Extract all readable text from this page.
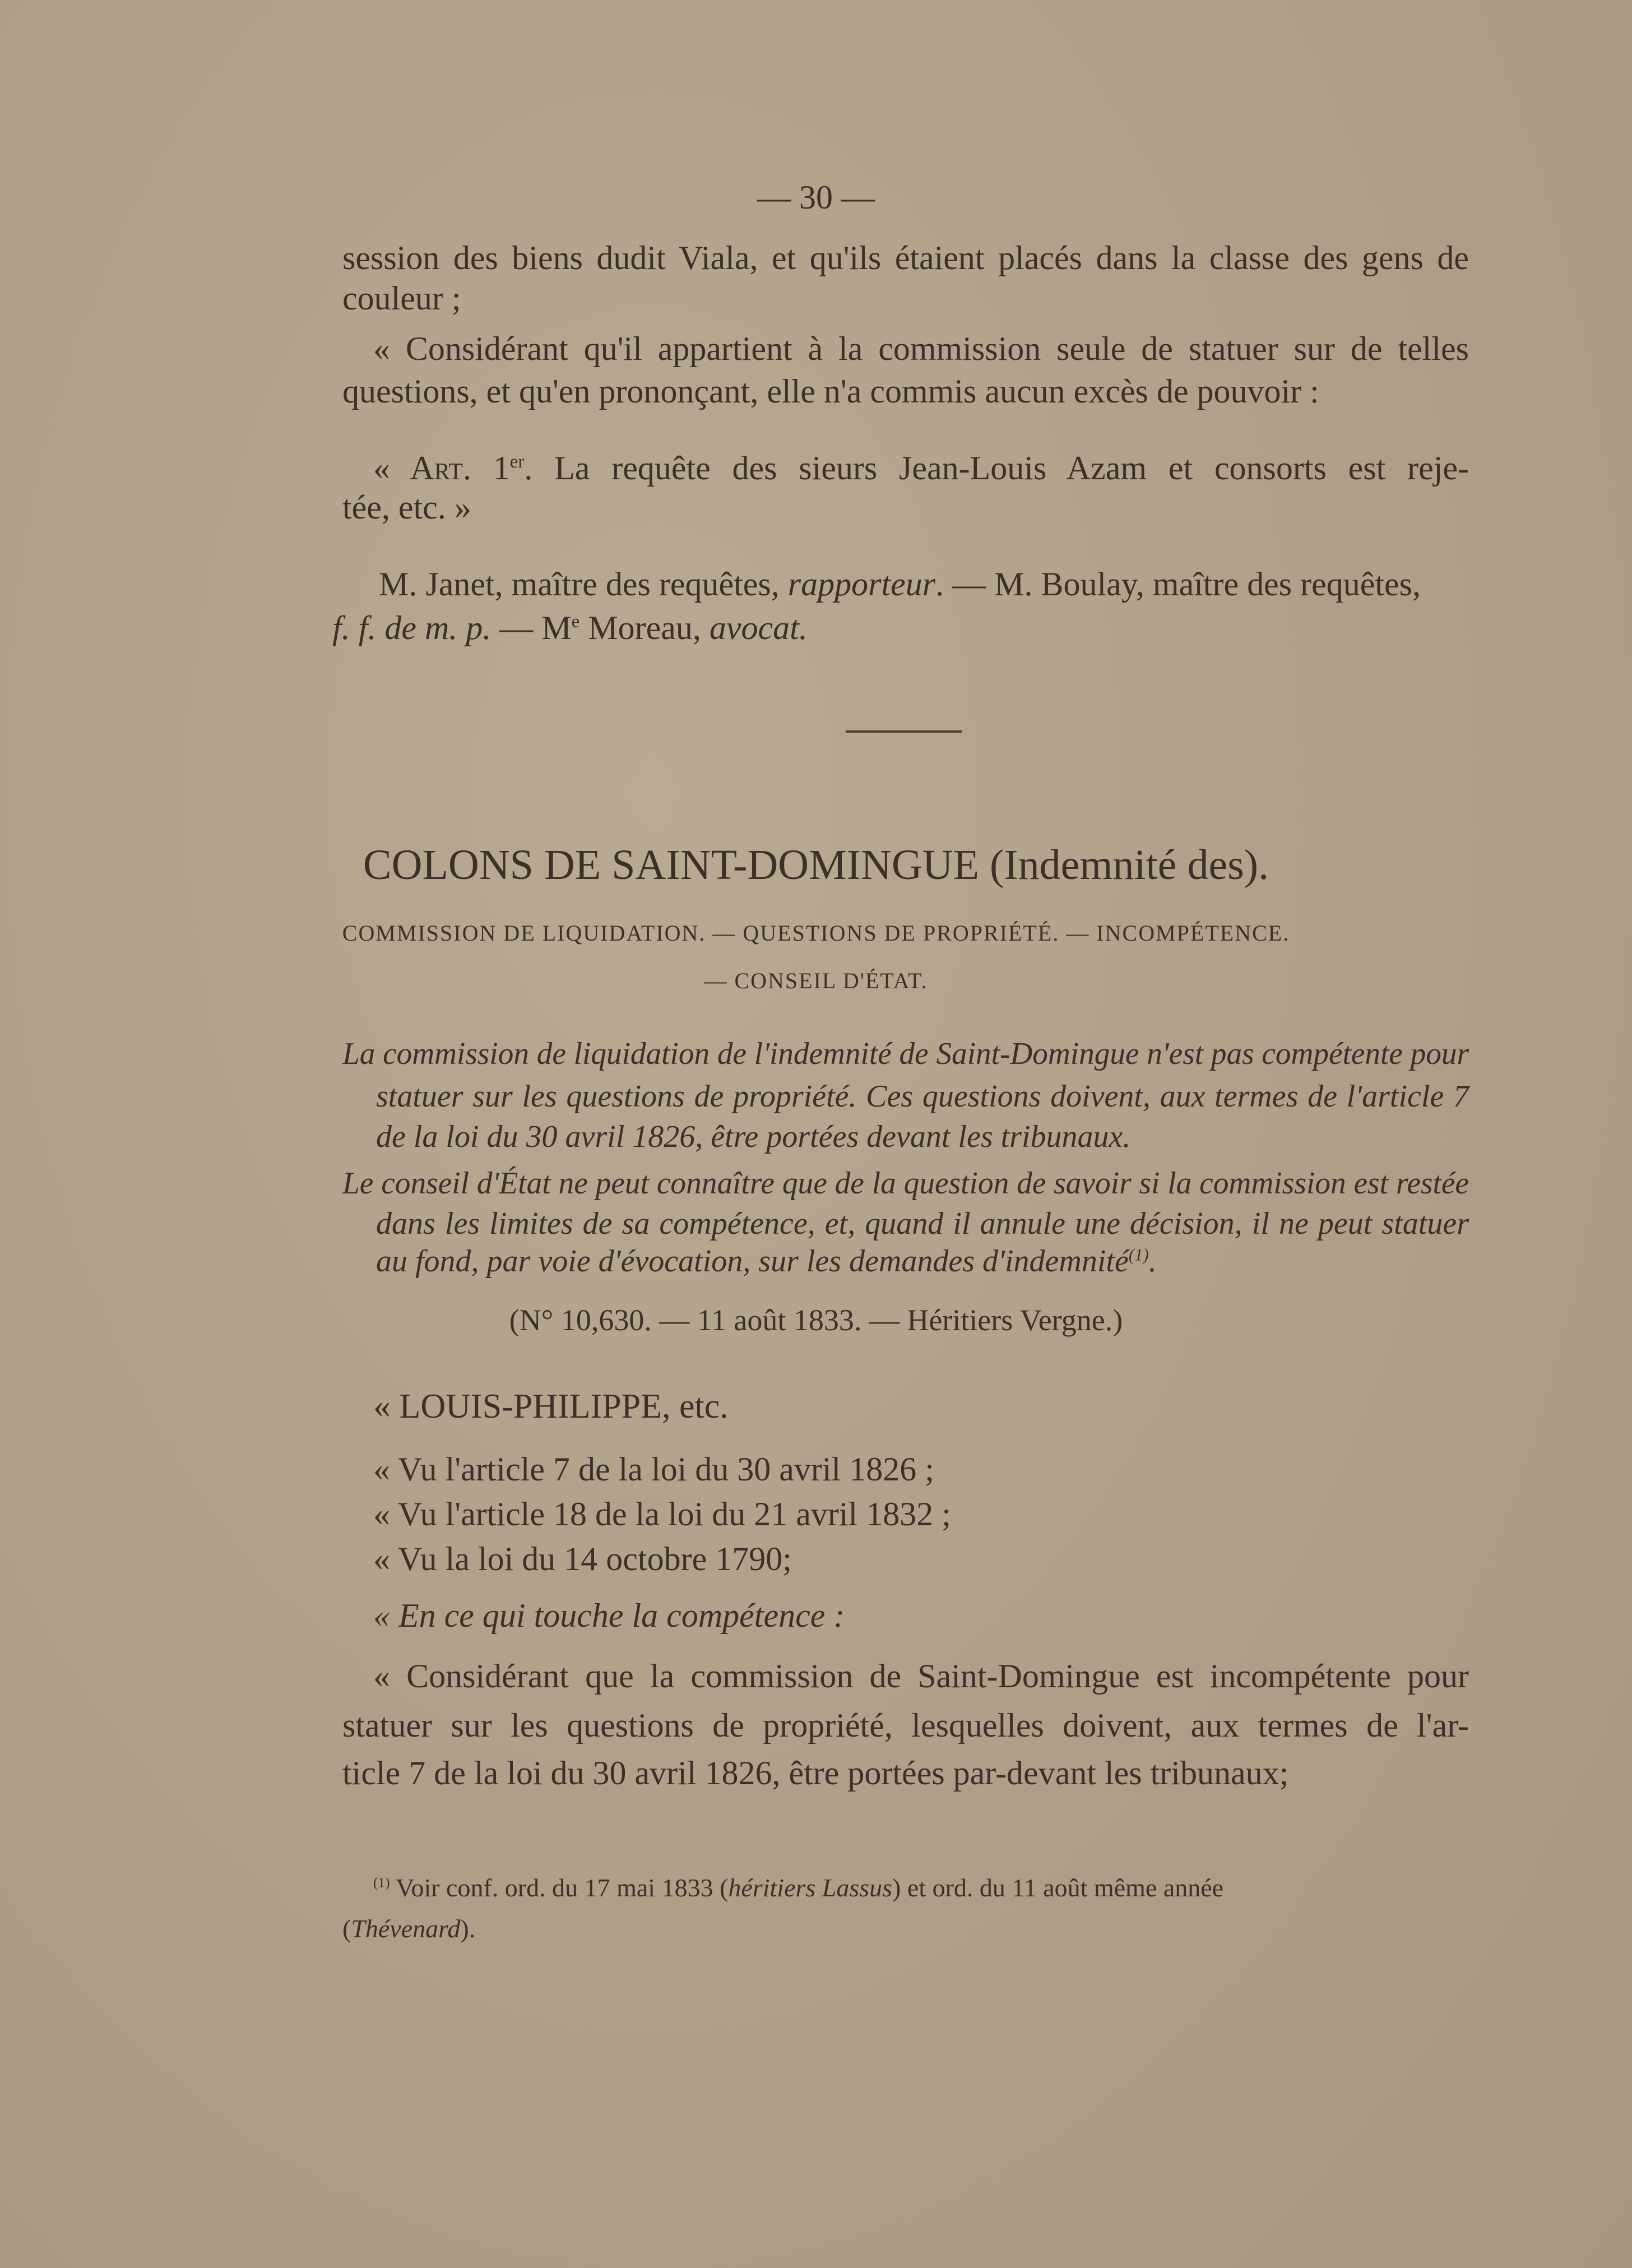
— 30 —
session des biens dudit Viala, et qu'ils étaient placés dans la classe des gens de
couleur ;
« Considérant qu'il appartient à la commission seule de statuer sur de telles
questions, et qu'en prononçant, elle n'a commis aucun excès de pouvoir :
« Art. 1er. La requête des sieurs Jean-Louis Azam et consorts est reje-
tée, etc. »
M. Janet, maître des requêtes, rapporteur. — M. Boulay, maître des requêtes,
f. f. de m. p. — Me Moreau, avocat.
COLONS DE SAINT-DOMINGUE (Indemnité des).
COMMISSION DE LIQUIDATION. — QUESTIONS DE PROPRIÉTÉ. — INCOMPÉTENCE.
— CONSEIL D'ÉTAT.
La commission de liquidation de l'indemnité de Saint-Domingue n'est pas compétente pour
statuer sur les questions de propriété. Ces questions doivent, aux termes de l'article 7
de la loi du 30 avril 1826, être portées devant les tribunaux.
Le conseil d'État ne peut connaître que de la question de savoir si la commission est restée
dans les limites de sa compétence, et, quand il annule une décision, il ne peut statuer
au fond, par voie d'évocation, sur les demandes d'indemnité$^{(1)}$.
(N° 10,630. — 11 août 1833. — Héritiers Vergne.)
« LOUIS-PHILIPPE, etc.
« Vu l'article 7 de la loi du 30 avril 1826 ;
« Vu l'article 18 de la loi du 21 avril 1832 ;
« Vu la loi du 14 octobre 1790;
« En ce qui touche la compétence :
« Considérant que la commission de Saint-Domingue est incompétente pour
statuer sur les questions de propriété, lesquelles doivent, aux termes de l'ar-
ticle 7 de la loi du 30 avril 1826, être portées par-devant les tribunaux;
$^{(1)}$ Voir conf. ord. du 17 mai 1833 (héritiers Lassus) et ord. du 11 août même année
(Thévenard).
